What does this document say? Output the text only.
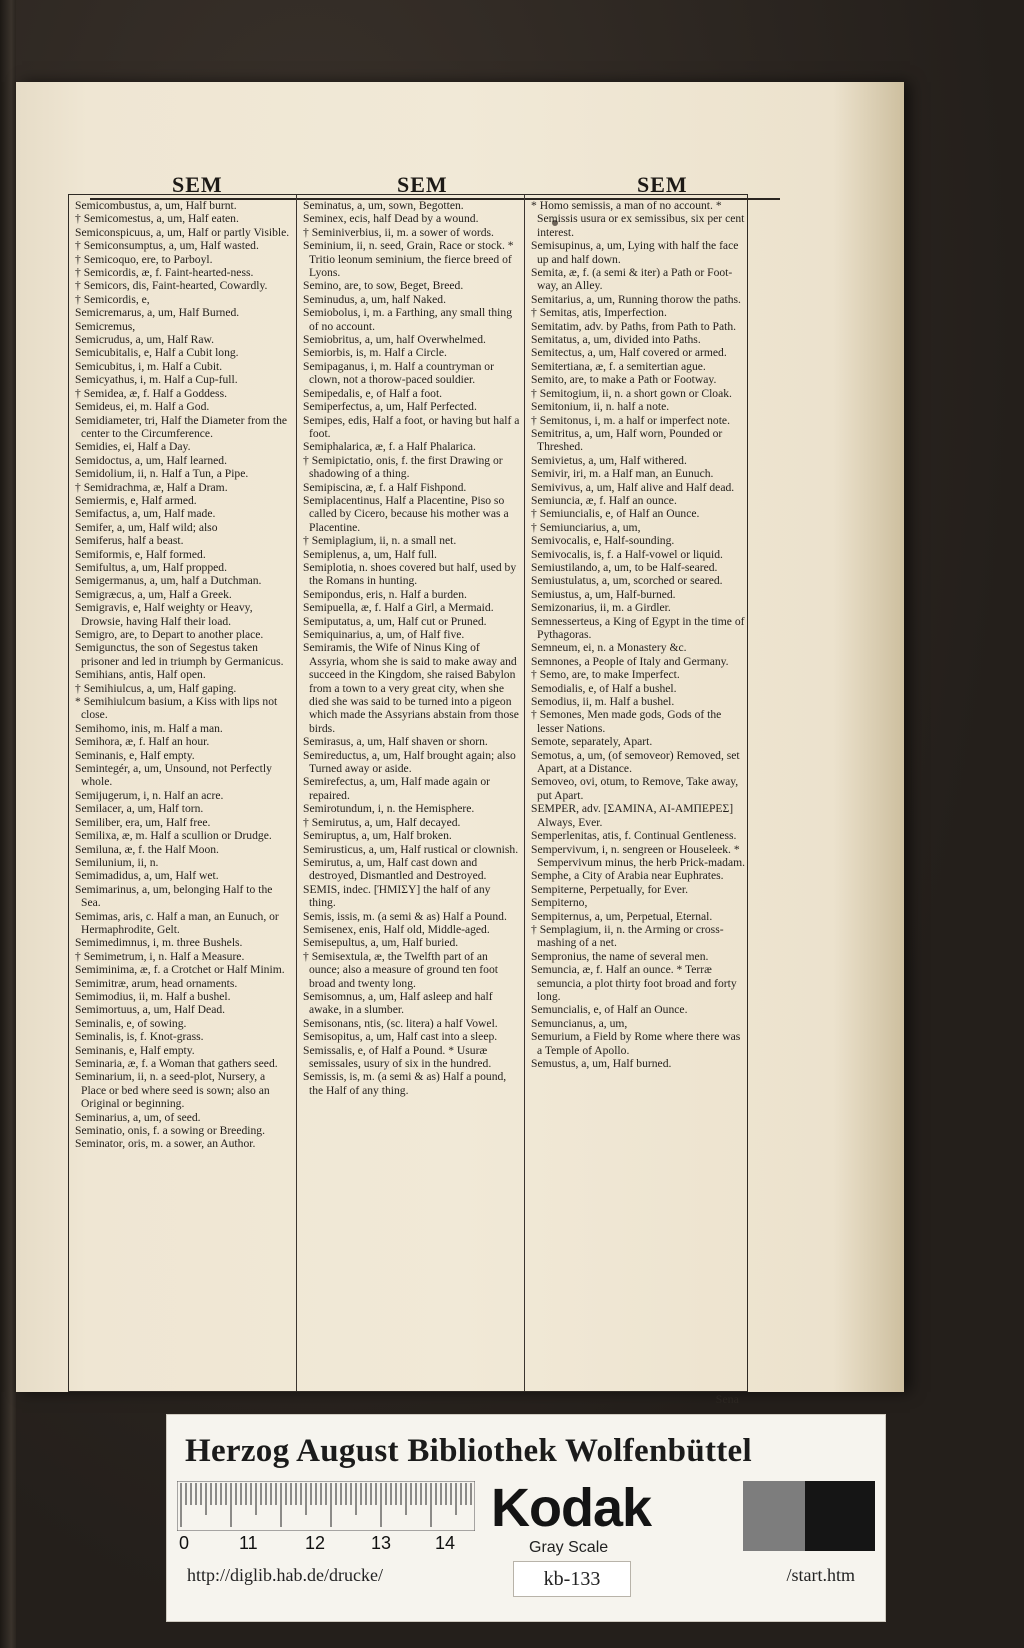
SEM	SEM	SEM

Semicombustus, a, um, Half burnt.

† Semicomestus, a, um, Half eaten.

Semiconspicuus, a, um, Half or partly Visible.

† Semiconsumptus, a, um, Half wasted.

† Semicoquo, ere, to Parboyl.

† Semicordis, æ, f. Faint-hearted-ness.

† Semicors, dis, Faint-hearted, Cowardly.

† Semicordis, e,

Semicremarus, a, um, Half Burned.

Semicremus,

Semicrudus, a, um, Half Raw.

Semicubitalis, e, Half a Cubit long.

Semicubitus, i, m. Half a Cubit.

Semicyathus, i, m. Half a Cup-full.

† Semidea, æ, f. Half a Goddess.

Semideus, ei, m. Half a God.

Semidiameter, tri, Half the Diameter from the center to the Circumference.

Semidies, ei, Half a Day.

Semidoctus, a, um, Half learned.

Semidolium, ii, n. Half a Tun, a Pipe.

† Semidrachma, æ, Half a Dram.

Semiermis, e, Half armed.

Semifactus, a, um, Half made.

Semifer, a, um, Half wild; also

Semiferus, half a beast.

Semiformis, e, Half formed.

Semifultus, a, um, Half propped.

Semigermanus, a, um, half a Dutchman.

Semigræcus, a, um, Half a Greek.

Semigravis, e, Half weighty or Heavy, Drowsie, having Half their load.

Semigro, are, to Depart to another place.

Semigunctus, the son of Segestus taken prisoner and led in triumph by Germanicus.

Semihians, antis, Half open.

† Semihiulcus, a, um, Half gaping.

* Semihiulcum basium, a Kiss with lips not close.

Semihomo, inis, m. Half a man.

Semihora, æ, f. Half an hour.

Seminanis, e, Half empty.

Semintegér, a, um, Unsound, not Perfectly whole.

Semijugerum, i, n. Half an acre.

Semilacer, a, um, Half torn.

Semiliber, era, um, Half free.

Semilixa, æ, m. Half a scullion or Drudge.

Semiluna, æ, f. the Half Moon.

Semilunium, ii, n.

Semimadidus, a, um, Half wet.

Semimarinus, a, um, belonging Half to the Sea.

Semimas, aris, c. Half a man, an Eunuch, or Hermaphrodite, Gelt.

Semimedimnus, i, m. three Bushels.

† Semimetrum, i, n. Half a Measure.

Semiminima, æ, f. a Crotchet or Half Minim.

Semimitræ, arum, head ornaments.

Semimodius, ii, m. Half a bushel.

Semimortuus, a, um, Half Dead.

Seminalis, e, of sowing.

Seminalis, is, f. Knot-grass.

Seminanis, e, Half empty.

Seminaria, æ, f. a Woman that gathers seed.

Seminarium, ii, n. a seed-plot, Nursery, a Place or bed where seed is sown; also an Original or beginning.

Seminarius, a, um, of seed.

Seminatio, onis, f. a sowing or Breeding.

Seminator, oris, m. a sower, an Author.

Seminatus, a, um, sown, Begotten.

Seminex, ecis, half Dead by a wound.

† Seminiverbius, ii, m. a sower of words.

Seminium, ii, n. seed, Grain, Race or stock. * Tritio leonum seminium, the fierce breed of Lyons.

Semino, are, to sow, Beget, Breed.

Seminudus, a, um, half Naked.

Semiobolus, i, m. a Farthing, any small thing of no account.

Semiobritus, a, um, half Overwhelmed.

Semiorbis, is, m. Half a Circle.

Semipaganus, i, m. Half a countryman or clown, not a thorow-paced souldier.

Semipedalis, e, of Half a foot.

Semiperfectus, a, um, Half Perfected.

Semipes, edis, Half a foot, or having but half a foot.

Semiphalarica, æ, f. a Half Phalarica.

† Semipictatio, onis, f. the first Drawing or shadowing of a thing.

Semipiscina, æ, f. a Half Fishpond.

Semiplacentinus, Half a Placentine, Piso so called by Cicero, because his mother was a Placentine.

† Semiplagium, ii, n. a small net.

Semiplenus, a, um, Half full.

Semiplotia, n. shoes covered but half, used by the Romans in hunting.

Semipondus, eris, n. Half a burden.

Semipuella, æ, f. Half a Girl, a Mermaid.

Semiputatus, a, um, Half cut or Pruned.

Semiquinarius, a, um, of Half five.

Semiramis, the Wife of Ninus King of Assyria, whom she is said to make away and succeed in the Kingdom, she raised Babylon from a town to a very great city, when she died she was said to be turned into a pigeon which made the Assyrians abstain from those birds.

Semirasus, a, um, Half shaven or shorn.

Semireductus, a, um, Half brought again; also Turned away or aside.

Semirefectus, a, um, Half made again or repaired.

Semirotundum, i, n. the Hemisphere.

† Semirutus, a, um, Half decayed.

Semiruptus, a, um, Half broken.

Semirusticus, a, um, Half rustical or clownish.

Semirutus, a, um, Half cast down and destroyed, Dismantled and Destroyed.

SEMIS, indec. [ΉΜΙΣΥ] the half of any thing.

Semis, issis, m. (a semi & as) Half a Pound.

Semisenex, enis, Half old, Middle-aged.

Semisepultus, a, um, Half buried.

† Semisextula, æ, the Twelfth part of an ounce; also a measure of ground ten foot broad and twenty long.

Semisomnus, a, um, Half asleep and half awake, in a slumber.

Semisonans, ntis, (sc. litera) a half Vowel.

Semisopitus, a, um, Half cast into a sleep.

Semissalis, e, of Half a Pound. * Usuræ semissales, usury of six in the hundred.

Semissis, is, m. (a semi & as) Half a pound, the Half of any thing.

* Homo semissis, a man of no account. * Semissis usura or ex semissibus, six per cent interest.

Semisupinus, a, um, Lying with half the face up and half down.

Semita, æ, f. (a semi & iter) a Path or Foot-way, an Alley.

Semitarius, a, um, Running thorow the paths.

† Semitas, atis, Imperfection.

Semitatim, adv. by Paths, from Path to Path.

Semitatus, a, um, divided into Paths.

Semitectus, a, um, Half covered or armed.

Semitertiana, æ, f. a semitertian ague.

Semito, are, to make a Path or Footway.

† Semitogium, ii, n. a short gown or Cloak.

Semitonium, ii, n. half a note.

† Semitonus, i, m. a half or imperfect note.

Semitritus, a, um, Half worn, Pounded or Threshed.

Semivietus, a, um, Half withered.

Semivir, iri, m. a Half man, an Eunuch.

Semivivus, a, um, Half alive and Half dead.

Semiuncia, æ, f. Half an ounce.

† Semiuncialis, e, of Half an Ounce.

† Semiunciarius, a, um,

Semivocalis, e, Half-sounding.

Semivocalis, is, f. a Half-vowel or liquid.

Semiustilando, a, um, to be Half-seared.

Semiustulatus, a, um, scorched or seared.

Semiustus, a, um, Half-burned.

Semizonarius, ii, m. a Girdler.

Semnesserteus, a King of Egypt in the time of Pythagoras.

Semneum, ei, n. a Monastery &c.

Semnones, a People of Italy and Germany.

† Semo, are, to make Imperfect.

Semodialis, e, of Half a bushel.

Semodius, ii, m. Half a bushel.

† Semones, Men made gods, Gods of the lesser Nations.

Semote, separately, Apart.

Semotus, a, um, (of semoveor) Removed, set Apart, at a Distance.

Semoveo, ovi, otum, to Remove, Take away, put Apart.

SEMPER, adv. [ΣΑΜΙΝΑ, ΑΙ-ΑΜΠΕΡΕΣ] Always, Ever.

Semperlenitas, atis, f. Continual Gentleness.

Sempervivum, i, n. sengreen or Houseleek. * Sempervivum minus, the herb Prick-madam.

Semphe, a City of Arabia near Euphrates.

Sempiterne, Perpetually, for Ever.

Sempiterno,

Sempiternus, a, um, Perpetual, Eternal.

† Semplagium, ii, n. the Arming or cross-mashing of a net.

Sempronius, the name of several men.

Semuncia, æ, f. Half an ounce. * Terræ semuncia, a plot thirty foot broad and forty long.

Semuncialis, e, of Half an Ounce.

Semuncianus, a, um,

Semurium, a Field by Rome where there was a Temple of Apollo.

Semustus, a, um, Half burned.

Sena
Herzog August Bibliothek Wolfenbüttel
0	11	12	13 14
Kodak
Gray Scale
http://diglib.hab.de/drucke/	kb-133	/start.htm
